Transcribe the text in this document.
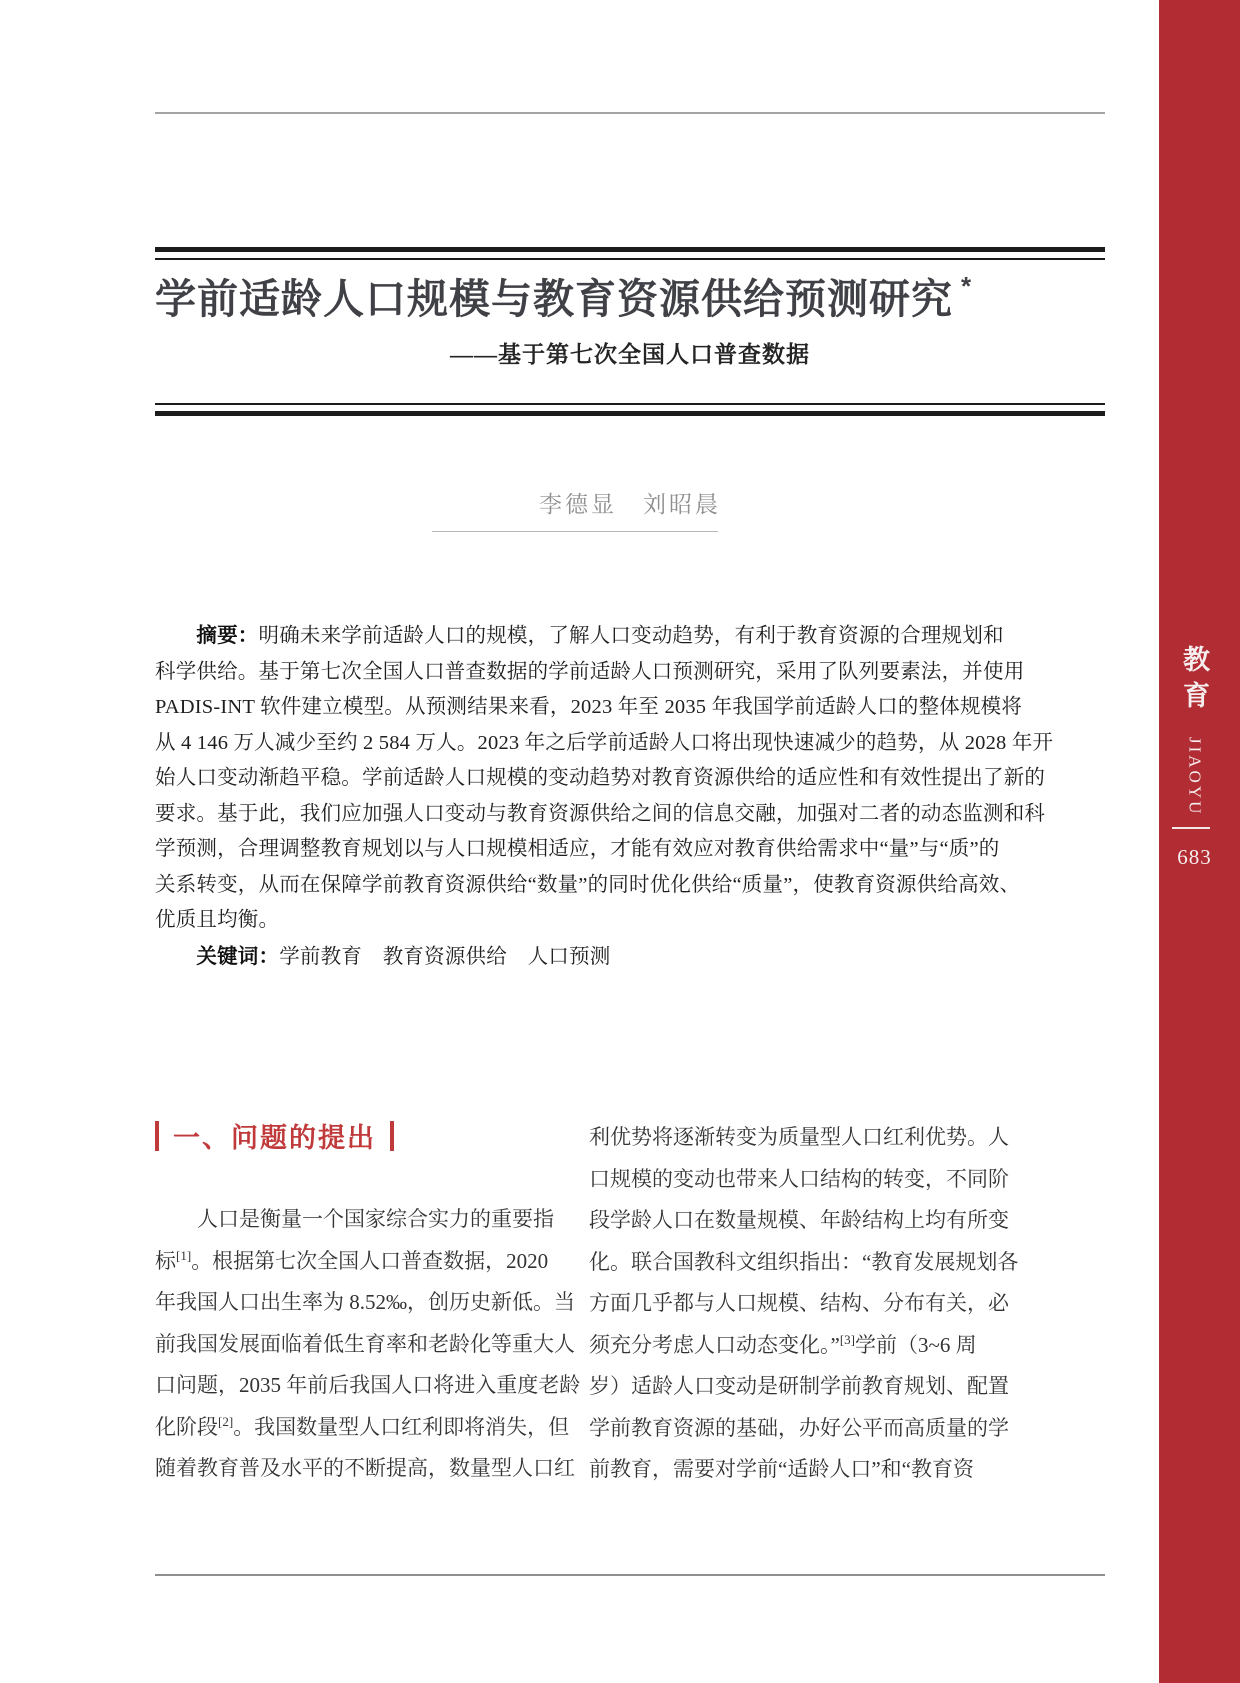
学前适龄人口规模与教育资源供给预测研究 *
——基于第七次全国人口普查数据
李德显　刘昭晨
　　摘要：明确未来学前适龄人口的规模，了解人口变动趋势，有利于教育资源的合理规划和
科学供给。基于第七次全国人口普查数据的学前适龄人口预测研究，采用了队列要素法，并使用
PADIS-INT 软件建立模型。从预测结果来看，2023 年至 2035 年我国学前适龄人口的整体规模将
从 4 146 万人减少至约 2 584 万人。2023 年之后学前适龄人口将出现快速减少的趋势，从 2028 年开
始人口变动渐趋平稳。学前适龄人口规模的变动趋势对教育资源供给的适应性和有效性提出了新的
要求。基于此，我们应加强人口变动与教育资源供给之间的信息交融，加强对二者的动态监测和科
学预测，合理调整教育规划以与人口规模相适应，才能有效应对教育供给需求中“量”与“质”的
关系转变，从而在保障学前教育资源供给“数量”的同时优化供给“质量”，使教育资源供给高效、
优质且均衡。
　　关键词：学前教育　教育资源供给　人口预测
一、问题的提出
　　人口是衡量一个国家综合实力的重要指
标[1]。根据第七次全国人口普查数据，2020
年我国人口出生率为 8.52‰，创历史新低。当
前我国发展面临着低生育率和老龄化等重大人
口问题，2035 年前后我国人口将进入重度老龄
化阶段[2]。我国数量型人口红利即将消失，但
随着教育普及水平的不断提高，数量型人口红
利优势将逐渐转变为质量型人口红利优势。人
口规模的变动也带来人口结构的转变，不同阶
段学龄人口在数量规模、年龄结构上均有所变
化。联合国教科文组织指出：“教育发展规划各
方面几乎都与人口规模、结构、分布有关，必
须充分考虑人口动态变化。”[3]学前（3~6 周
岁）适龄人口变动是研制学前教育规划、配置
学前教育资源的基础，办好公平而高质量的学
前教育，需要对学前“适龄人口”和“教育资
教育
JIAOYU
683
